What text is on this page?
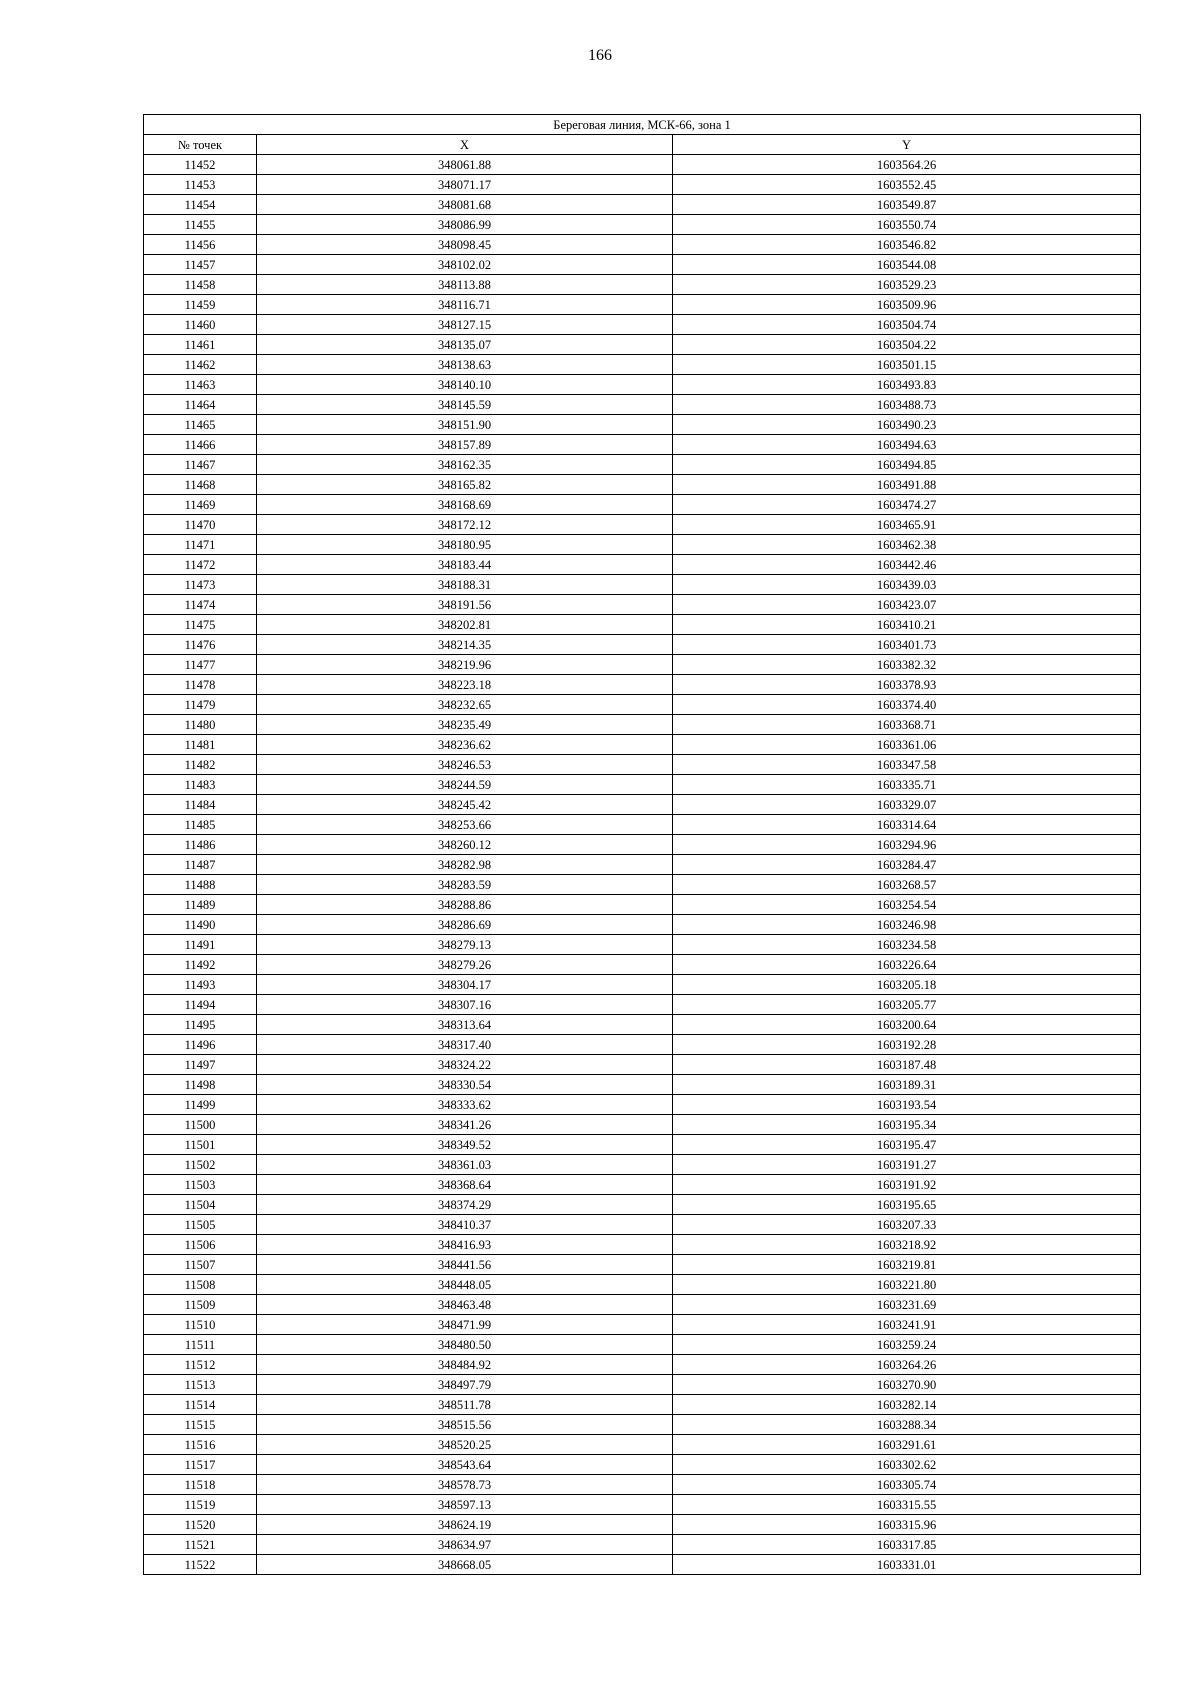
166
Береговая линия, МСК-66, зона 1		
№ точек	X	Y
11452	348061.88	1603564.26
11453	348071.17	1603552.45
11454	348081.68	1603549.87
11455	348086.99	1603550.74
11456	348098.45	1603546.82
11457	348102.02	1603544.08
11458	348113.88	1603529.23
11459	348116.71	1603509.96
11460	348127.15	1603504.74
11461	348135.07	1603504.22
11462	348138.63	1603501.15
11463	348140.10	1603493.83
11464	348145.59	1603488.73
11465	348151.90	1603490.23
11466	348157.89	1603494.63
11467	348162.35	1603494.85
11468	348165.82	1603491.88
11469	348168.69	1603474.27
11470	348172.12	1603465.91
11471	348180.95	1603462.38
11472	348183.44	1603442.46
11473	348188.31	1603439.03
11474	348191.56	1603423.07
11475	348202.81	1603410.21
11476	348214.35	1603401.73
11477	348219.96	1603382.32
11478	348223.18	1603378.93
11479	348232.65	1603374.40
11480	348235.49	1603368.71
11481	348236.62	1603361.06
11482	348246.53	1603347.58
11483	348244.59	1603335.71
11484	348245.42	1603329.07
11485	348253.66	1603314.64
11486	348260.12	1603294.96
11487	348282.98	1603284.47
11488	348283.59	1603268.57
11489	348288.86	1603254.54
11490	348286.69	1603246.98
11491	348279.13	1603234.58
11492	348279.26	1603226.64
11493	348304.17	1603205.18
11494	348307.16	1603205.77
11495	348313.64	1603200.64
11496	348317.40	1603192.28
11497	348324.22	1603187.48
11498	348330.54	1603189.31
11499	348333.62	1603193.54
11500	348341.26	1603195.34
11501	348349.52	1603195.47
11502	348361.03	1603191.27
11503	348368.64	1603191.92
11504	348374.29	1603195.65
11505	348410.37	1603207.33
11506	348416.93	1603218.92
11507	348441.56	1603219.81
11508	348448.05	1603221.80
11509	348463.48	1603231.69
11510	348471.99	1603241.91
11511	348480.50	1603259.24
11512	348484.92	1603264.26
11513	348497.79	1603270.90
11514	348511.78	1603282.14
11515	348515.56	1603288.34
11516	348520.25	1603291.61
11517	348543.64	1603302.62
11518	348578.73	1603305.74
11519	348597.13	1603315.55
11520	348624.19	1603315.96
11521	348634.97	1603317.85
11522	348668.05	1603331.01
